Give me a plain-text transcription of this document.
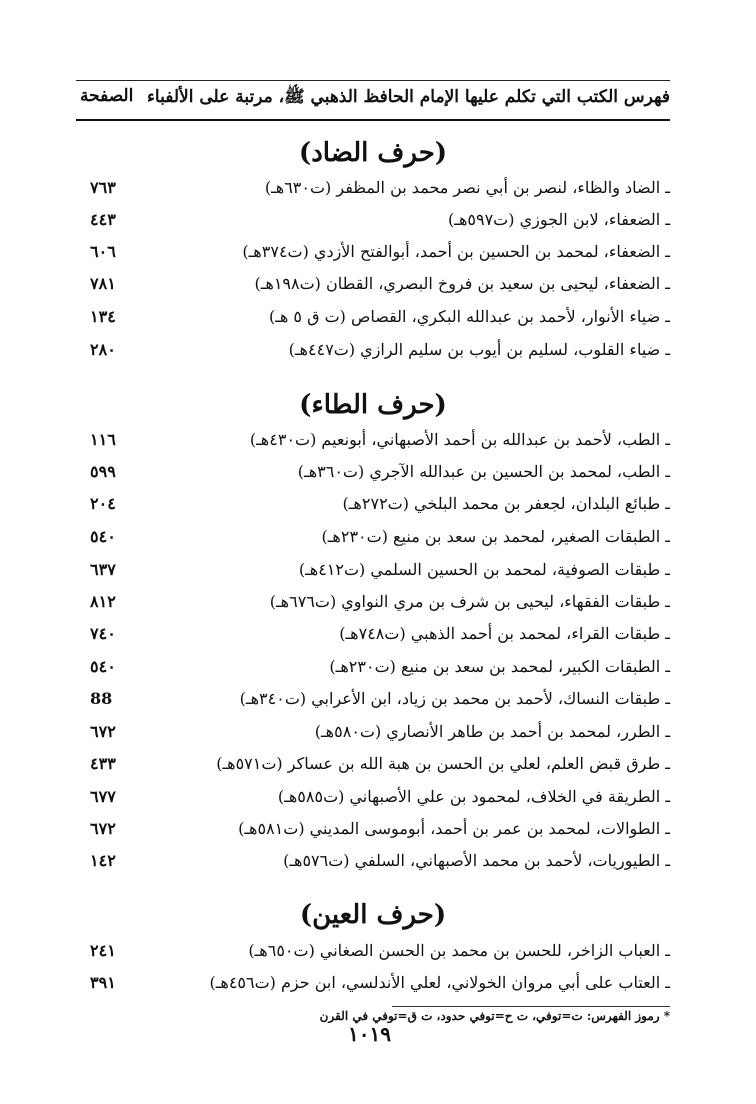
فهرس الكتب التي تكلم عليها الإمام الحافظ الذهبي ﷺ، مرتبة على الألفباء
الصفحة
(حرف الضاد)
ـ الضاد والظاء، لنصر بن أبي نصر محمد بن المظفر (ت٦٣٠هـ)
٧٦٣
ـ الضعفاء، لابن الجوزي (ت٥٩٧هـ)
٤٤٣
ـ الضعفاء، لمحمد بن الحسين بن أحمد، أبوالفتح الأزدي (ت٣٧٤هـ)
٦٠٦
ـ الضعفاء، ليحيى بن سعيد بن فروخ البصري، القطان (ت١٩٨هـ)
٧٨١
ـ ضياء الأنوار، لأحمد بن عبدالله البكري، القصاص (ت ق ٥ هـ)
١٣٤
ـ ضياء القلوب، لسليم بن أيوب بن سليم الرازي (ت٤٤٧هـ)
٢٨٠
(حرف الطاء)
ـ الطب، لأحمد بن عبدالله بن أحمد الأصبهاني، أبونعيم (ت٤٣٠هـ)
١١٦
ـ الطب، لمحمد بن الحسين بن عبدالله الآجري (ت٣٦٠هـ)
٥٩٩
ـ طبائع البلدان، لجعفر بن محمد البلخي (ت٢٧٢هـ)
٢٠٤
ـ الطبقات الصغير، لمحمد بن سعد بن منيع (ت٢٣٠هـ)
٥٤٠
ـ طبقات الصوفية، لمحمد بن الحسين السلمي (ت٤١٢هـ)
٦٣٧
ـ طبقات الفقهاء، ليحيى بن شرف بن مري النواوي (ت٦٧٦هـ)
٨١٢
ـ طبقات القراء، لمحمد بن أحمد الذهبي (ت٧٤٨هـ)
٧٤٠
ـ الطبقات الكبير، لمحمد بن سعد بن منيع (ت٢٣٠هـ)
٥٤٠
ـ طبقات النساك، لأحمد بن محمد بن زياد، ابن الأعرابي (ت٣٤٠هـ)
88
ـ الطرر، لمحمد بن أحمد بن طاهر الأنصاري (ت٥٨٠هـ)
٦٧٢
ـ طرق قبض العلم، لعلي بن الحسن بن هبة الله بن عساكر (ت٥٧١هـ)
٤٣٣
ـ الطريقة في الخلاف، لمحمود بن علي الأصبهاني (ت٥٨٥هـ)
٦٧٧
ـ الطوالات، لمحمد بن عمر بن أحمد، أبوموسى المديني (ت٥٨١هـ)
٦٧٢
ـ الطيوريات، لأحمد بن محمد الأصبهاني، السلفي (ت٥٧٦هـ)
١٤٢
(حرف العين)
ـ العباب الزاخر، للحسن بن محمد بن الحسن الصغاني (ت٦٥٠هـ)
٢٤١
ـ العتاب على أبي مروان الخولاني، لعلي الأندلسي، ابن حزم (ت٤٥٦هـ)
٣٩١
* رموز الفهرس: ت=توفي، ت ح=توفي حدود، ت ق=توفي في القرن
١٠١٩
